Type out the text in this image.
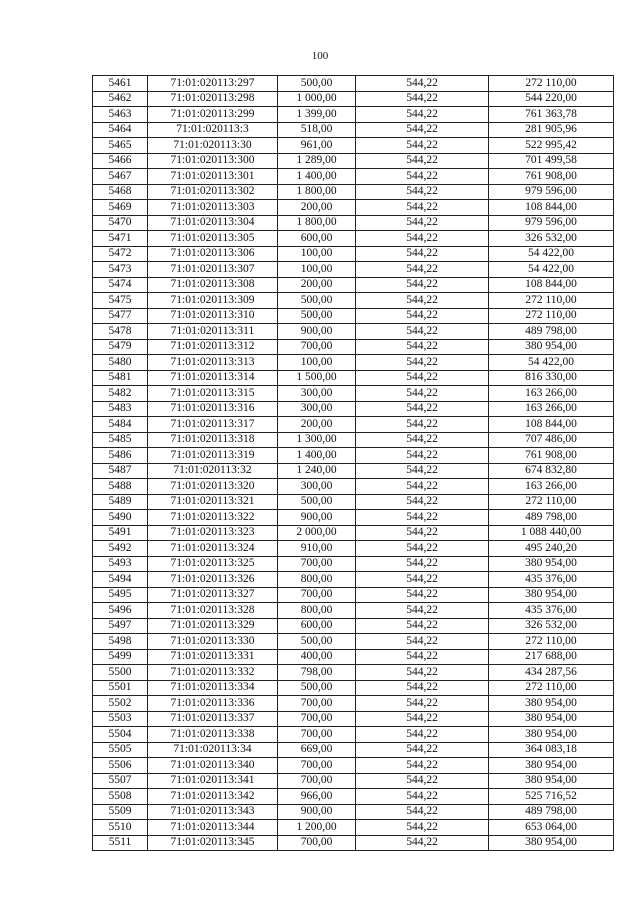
100
5461	71:01:020113:297	500,00	544,22	272 110,00
5462	71:01:020113:298	1 000,00	544,22	544 220,00
5463	71:01:020113:299	1 399,00	544,22	761 363,78
5464	71:01:020113:3	518,00	544,22	281 905,96
5465	71:01:020113:30	961,00	544,22	522 995,42
5466	71:01:020113:300	1 289,00	544,22	701 499,58
5467	71:01:020113:301	1 400,00	544,22	761 908,00
5468	71:01:020113:302	1 800,00	544,22	979 596,00
5469	71:01:020113:303	200,00	544,22	108 844,00
5470	71:01:020113:304	1 800,00	544,22	979 596,00
5471	71:01:020113:305	600,00	544,22	326 532,00
5472	71:01:020113:306	100,00	544,22	54 422,00
5473	71:01:020113:307	100,00	544,22	54 422,00
5474	71:01:020113:308	200,00	544,22	108 844,00
5475	71:01:020113:309	500,00	544,22	272 110,00
5477	71:01:020113:310	500,00	544,22	272 110,00
5478	71:01:020113:311	900,00	544,22	489 798,00
5479	71:01:020113:312	700,00	544,22	380 954,00
5480	71:01:020113:313	100,00	544,22	54 422,00
5481	71:01:020113:314	1 500,00	544,22	816 330,00
5482	71:01:020113:315	300,00	544,22	163 266,00
5483	71:01:020113:316	300,00	544,22	163 266,00
5484	71:01:020113:317	200,00	544,22	108 844,00
5485	71:01:020113:318	1 300,00	544,22	707 486,00
5486	71:01:020113:319	1 400,00	544,22	761 908,00
5487	71:01:020113:32	1 240,00	544,22	674 832,80
5488	71:01:020113:320	300,00	544,22	163 266,00
5489	71:01:020113:321	500,00	544,22	272 110,00
5490	71:01:020113:322	900,00	544,22	489 798,00
5491	71:01:020113:323	2 000,00	544,22	1 088 440,00
5492	71:01:020113:324	910,00	544,22	495 240,20
5493	71:01:020113:325	700,00	544,22	380 954,00
5494	71:01:020113:326	800,00	544,22	435 376,00
5495	71:01:020113:327	700,00	544,22	380 954,00
5496	71:01:020113:328	800,00	544,22	435 376,00
5497	71:01:020113:329	600,00	544,22	326 532,00
5498	71:01:020113:330	500,00	544,22	272 110,00
5499	71:01:020113:331	400,00	544,22	217 688,00
5500	71:01:020113:332	798,00	544,22	434 287,56
5501	71:01:020113:334	500,00	544,22	272 110,00
5502	71:01:020113:336	700,00	544,22	380 954,00
5503	71:01:020113:337	700,00	544,22	380 954,00
5504	71:01:020113:338	700,00	544,22	380 954,00
5505	71:01:020113:34	669,00	544,22	364 083,18
5506	71:01:020113:340	700,00	544,22	380 954,00
5507	71:01:020113:341	700,00	544,22	380 954,00
5508	71:01:020113:342	966,00	544,22	525 716,52
5509	71:01:020113:343	900,00	544,22	489 798,00
5510	71:01:020113:344	1 200,00	544,22	653 064,00
5511	71:01:020113:345	700,00	544,22	380 954,00
